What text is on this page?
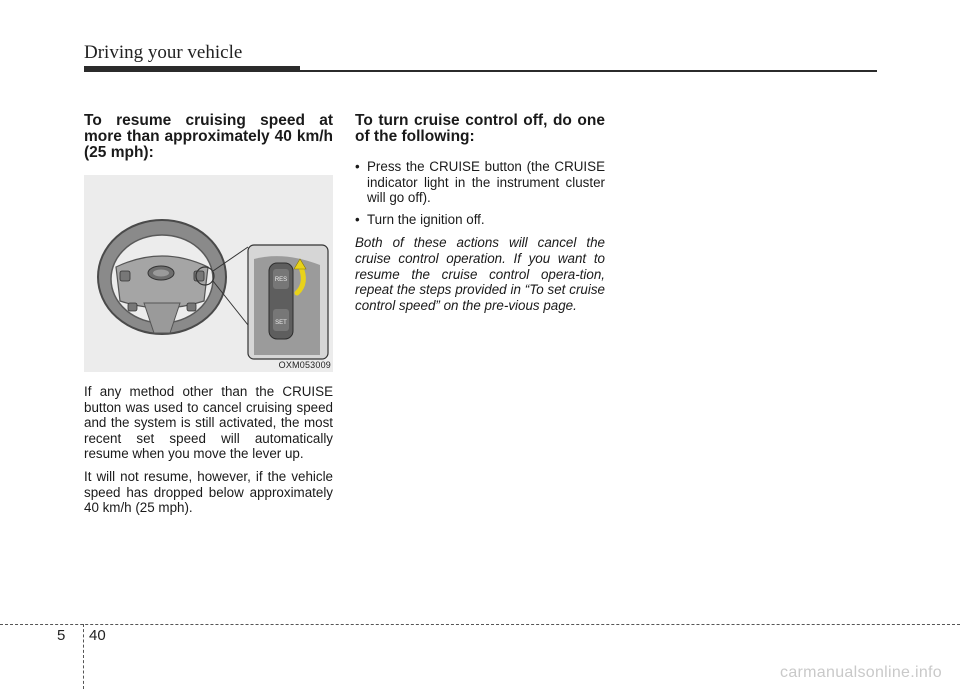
Driving your vehicle
To resume cruising speed at more than approximately 40 km/h (25 mph):
RES
SET
OXM053009

If any method other than the CRUISE button was used to cancel cruising speed and the system is still activated, the most recent set speed will automatically resume when you move the lever up.

It will not resume, however, if the vehicle speed has dropped below approximately 40 km/h (25 mph).

To turn cruise control off, do one of the following:
• Press the CRUISE button (the CRUISE indicator light in the instrument cluster will go off).
• Turn the ignition off.

Both of these actions will cancel the cruise control operation. If you want to resume the cruise control opera-tion, repeat the steps provided in “To set cruise control speed” on the pre-vious page.

5 40
carmanualsonline.info
